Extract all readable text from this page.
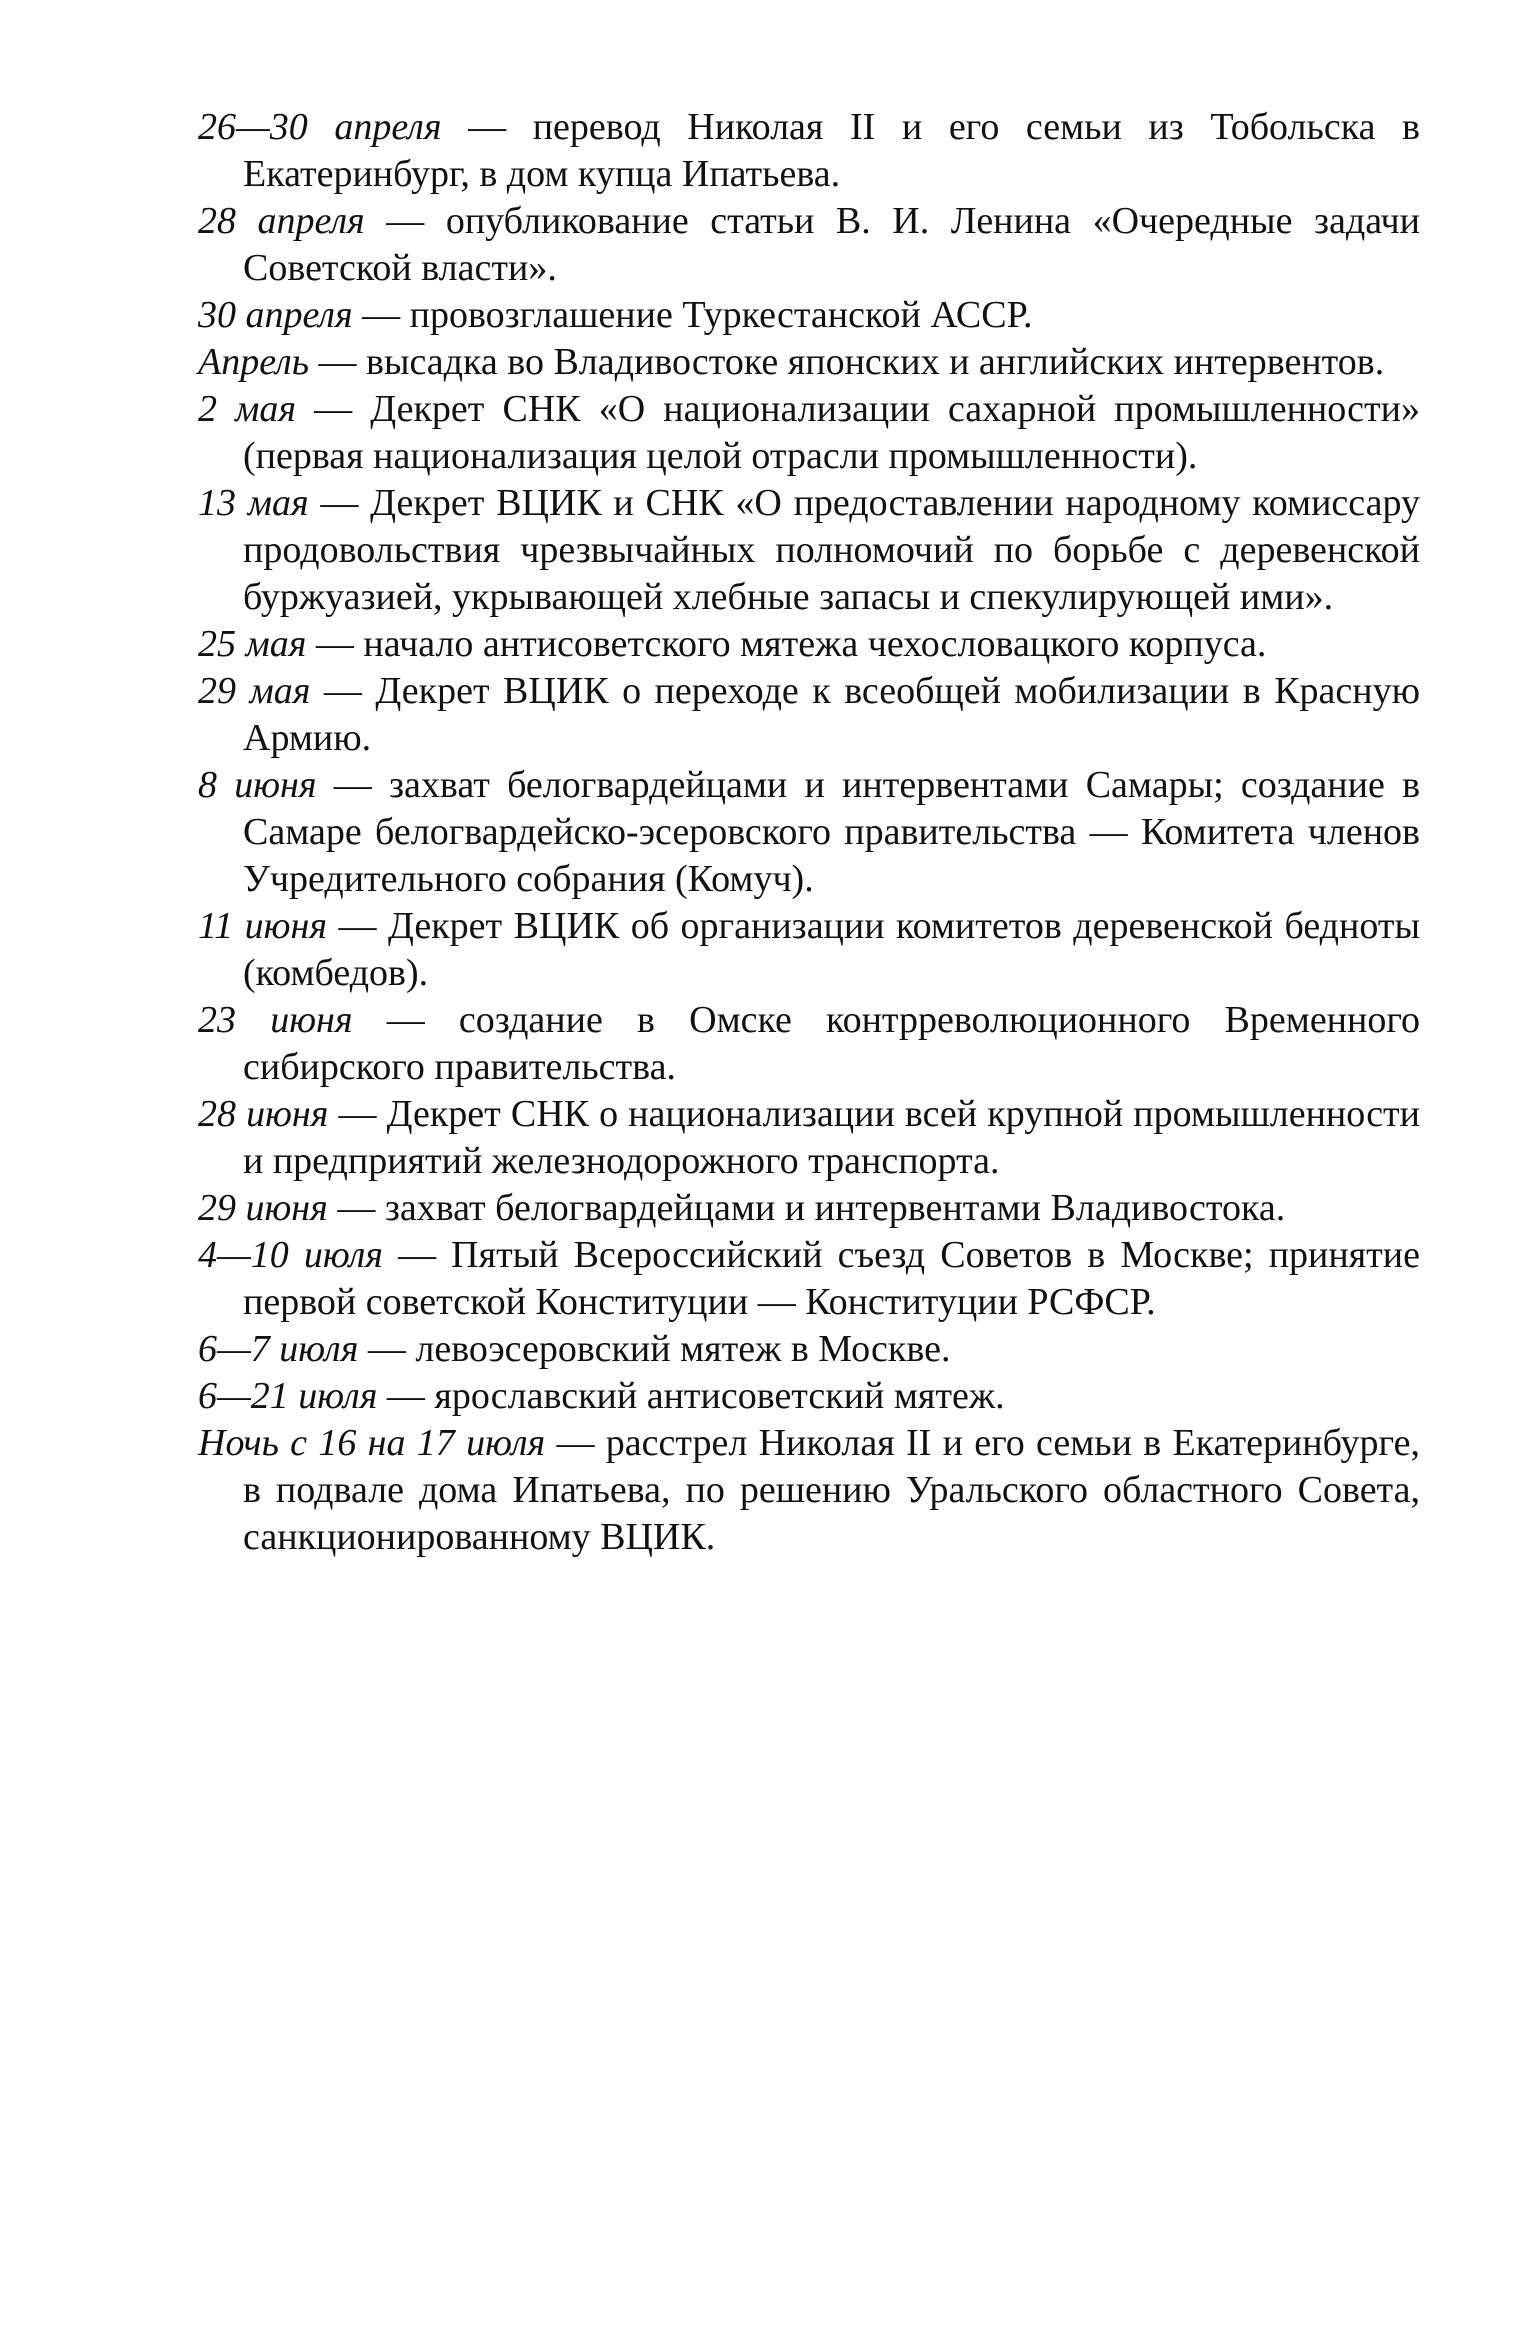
26—30 апреля — перевод Николая II и его семьи из Тобольска в Екатеринбург, в дом купца Ипатьева.

28 апреля — опубликование статьи В. И. Ленина «Очередные задачи Советской власти».

30 апреля — провозглашение Туркестанской АССР.

Апрель — высадка во Владивостоке японских и английских интервентов.

2 мая — Декрет СНК «О национализации сахарной промышленности» (первая национализация целой отрасли промышленности).

13 мая — Декрет ВЦИК и СНК «О предоставлении народному комиссару продовольствия чрезвычайных полномочий по борьбе с деревенской буржуазией, укрывающей хлебные запасы и спекулирующей ими».

25 мая — начало антисоветского мятежа чехословацкого корпуса.

29 мая — Декрет ВЦИК о переходе к всеобщей мобилизации в Красную Армию.

8 июня — захват белогвардейцами и интервентами Самары; создание в Самаре белогвардейско-эсеровского правительства — Комитета членов Учредительного собрания (Комуч).

11 июня — Декрет ВЦИК об организации комитетов деревенской бедноты (комбедов).

23 июня — создание в Омске контрреволюционного Временного сибирского правительства.

28 июня — Декрет СНК о национализации всей крупной промышленности и предприятий железнодорожного транспорта.

29 июня — захват белогвардейцами и интервентами Владивостока.

4—10 июля — Пятый Всероссийский съезд Советов в Москве; принятие первой советской Конституции — Конституции РСФСР.

6—7 июля — левоэсеровский мятеж в Москве.

6—21 июля — ярославский антисоветский мятеж.

Ночь с 16 на 17 июля — расстрел Николая II и его семьи в Екатеринбурге, в подвале дома Ипатьева, по решению Уральского областного Совета, санкционированному ВЦИК.
